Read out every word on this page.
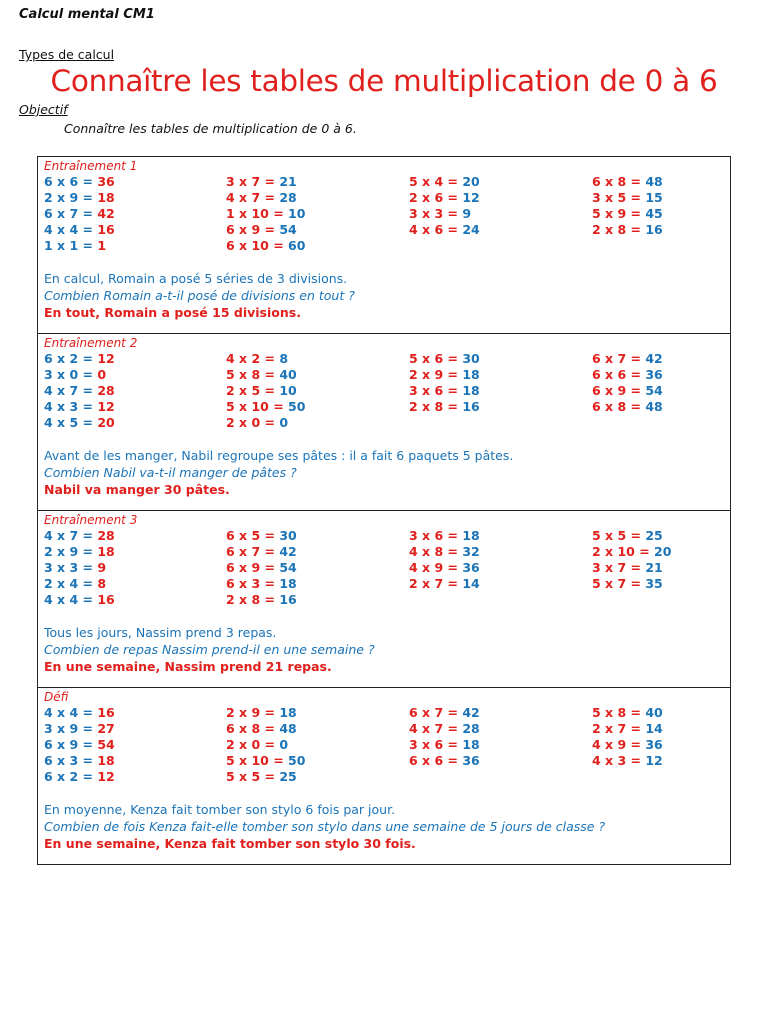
Calcul mental CM1
Types de calcul
Connaître les tables de multiplication de 0 à 6
Objectif
Connaître les tables de multiplication de 0 à 6.
Entraînement 1
6 x 6 = 36	3 x 7 = 21	5 x 4 = 20	6 x 8 = 48
2 x 9 = 18	4 x 7 = 28	2 x 6 = 12	3 x 5 = 15
6 x 7 = 42	1 x 10 = 10	3 x 3 = 9	5 x 9 = 45
4 x 4 = 16	6 x 9 = 54	4 x 6 = 24	2 x 8 = 16
1 x 1 = 1	6 x 10 = 60
En calcul, Romain a posé 5 séries de 3 divisions.
Combien Romain a-t-il posé de divisions en tout ?
En tout, Romain a posé 15 divisions.
Entraînement 2
6 x 2 = 12	4 x 2 = 8	5 x 6 = 30	6 x 7 = 42
3 x 0 = 0	5 x 8 = 40	2 x 9 = 18	6 x 6 = 36
4 x 7 = 28	2 x 5 = 10	3 x 6 = 18	6 x 9 = 54
4 x 3 = 12	5 x 10 = 50	2 x 8 = 16	6 x 8 = 48
4 x 5 = 20	2 x 0 = 0
Avant de les manger, Nabil regroupe ses pâtes : il a fait 6 paquets 5 pâtes.
Combien Nabil va-t-il manger de pâtes ?
Nabil va manger 30 pâtes.
Entraînement 3
4 x 7 = 28	6 x 5 = 30	3 x 6 = 18	5 x 5 = 25
2 x 9 = 18	6 x 7 = 42	4 x 8 = 32	2 x 10 = 20
3 x 3 = 9	6 x 9 = 54	4 x 9 = 36	3 x 7 = 21
2 x 4 = 8	6 x 3 = 18	2 x 7 = 14	5 x 7 = 35
4 x 4 = 16	2 x 8 = 16
Tous les jours, Nassim prend 3 repas.
Combien de repas Nassim prend-il en une semaine ?
En une semaine, Nassim prend 21 repas.
Défi
4 x 4 = 16	2 x 9 = 18	6 x 7 = 42	5 x 8 = 40
3 x 9 = 27	6 x 8 = 48	4 x 7 = 28	2 x 7 = 14
6 x 9 = 54	2 x 0 = 0	3 x 6 = 18	4 x 9 = 36
6 x 3 = 18	5 x 10 = 50	6 x 6 = 36	4 x 3 = 12
6 x 2 = 12	5 x 5 = 25
En moyenne, Kenza fait tomber son stylo 6 fois par jour.
Combien de fois Kenza fait-elle tomber son stylo dans une semaine de 5 jours de classe ?
En une semaine, Kenza fait tomber son stylo 30 fois.
